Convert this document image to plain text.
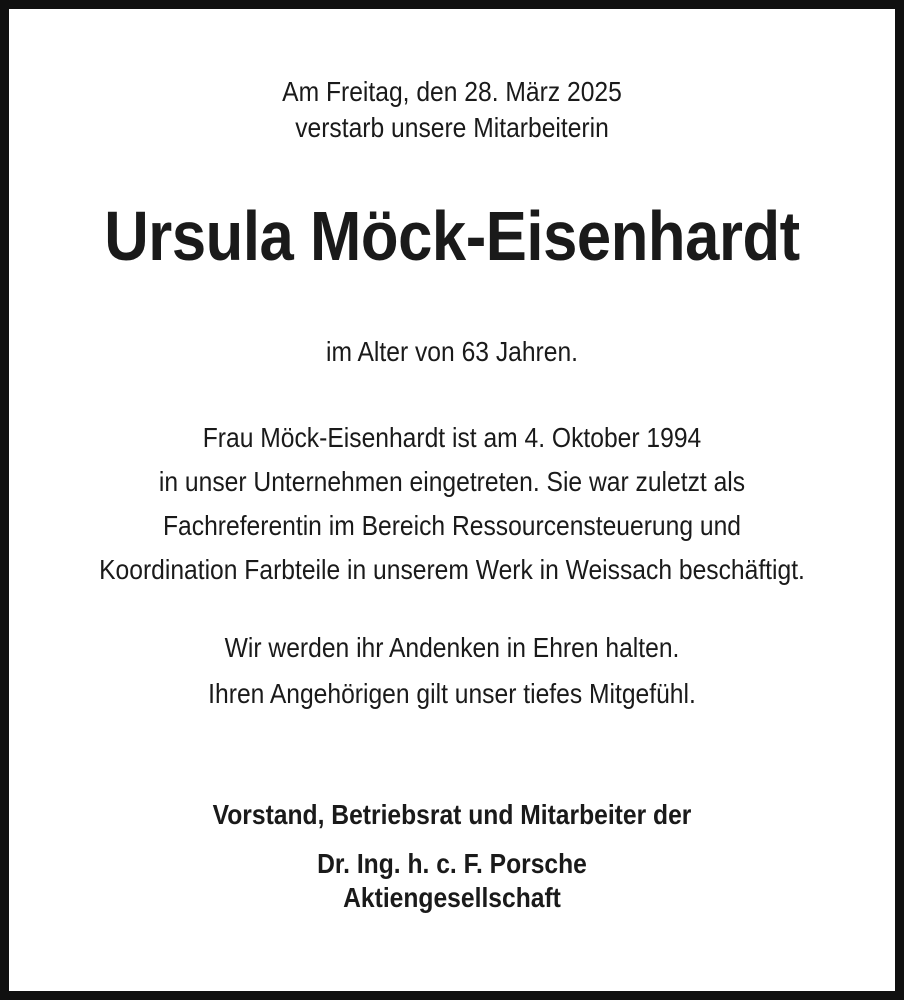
Am Freitag, den 28. März 2025
verstarb unsere Mitarbeiterin
Ursula Möck-Eisenhardt
im Alter von 63 Jahren.
Frau Möck-Eisenhardt ist am 4. Oktober 1994
in unser Unternehmen eingetreten. Sie war zuletzt als
Fachreferentin im Bereich Ressourcensteuerung und
Koordination Farbteile in unserem Werk in Weissach beschäftigt.
Wir werden ihr Andenken in Ehren halten.
Ihren Angehörigen gilt unser tiefes Mitgefühl.
Vorstand, Betriebsrat und Mitarbeiter der
Dr. Ing. h. c. F. Porsche
Aktiengesellschaft
